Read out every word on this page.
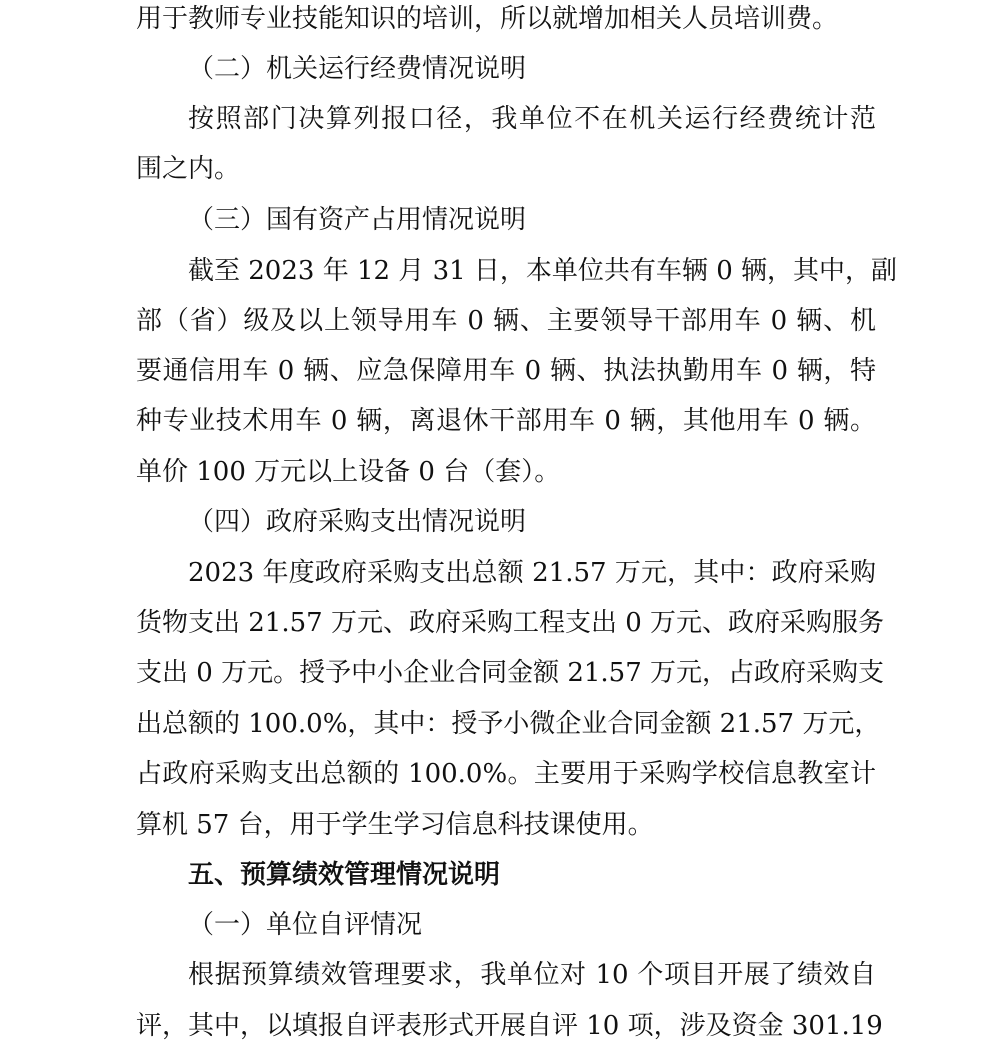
用于教师专业技能知识的培训，所以就增加相关人员培训费。
（二）机关运行经费情况说明
按照部门决算列报口径，我单位不在机关运行经费统计范
围之内。
（三）国有资产占用情况说明
截至 2023 年 12 月 31 日，本单位共有车辆 0 辆，其中，副
部（省）级及以上领导用车 0 辆、主要领导干部用车 0 辆、机
要通信用车 0 辆、应急保障用车 0 辆、执法执勤用车 0 辆，特
种专业技术用车 0 辆，离退休干部用车 0 辆，其他用车 0 辆。
单价 100 万元以上设备 0 台（套）。
（四）政府采购支出情况说明
2023 年度政府采购支出总额 21.57 万元，其中：政府采购
货物支出 21.57 万元、政府采购工程支出 0 万元、政府采购服务
支出 0 万元。授予中小企业合同金额 21.57 万元，占政府采购支
出总额的 100.0%，其中：授予小微企业合同金额 21.57 万元，
占政府采购支出总额的 100.0%。主要用于采购学校信息教室计
算机 57 台，用于学生学习信息科技课使用。
五、预算绩效管理情况说明
（一）单位自评情况
根据预算绩效管理要求，我单位对 10 个项目开展了绩效自
评，其中，以填报自评表形式开展自评 10 项，涉及资金 301.19
